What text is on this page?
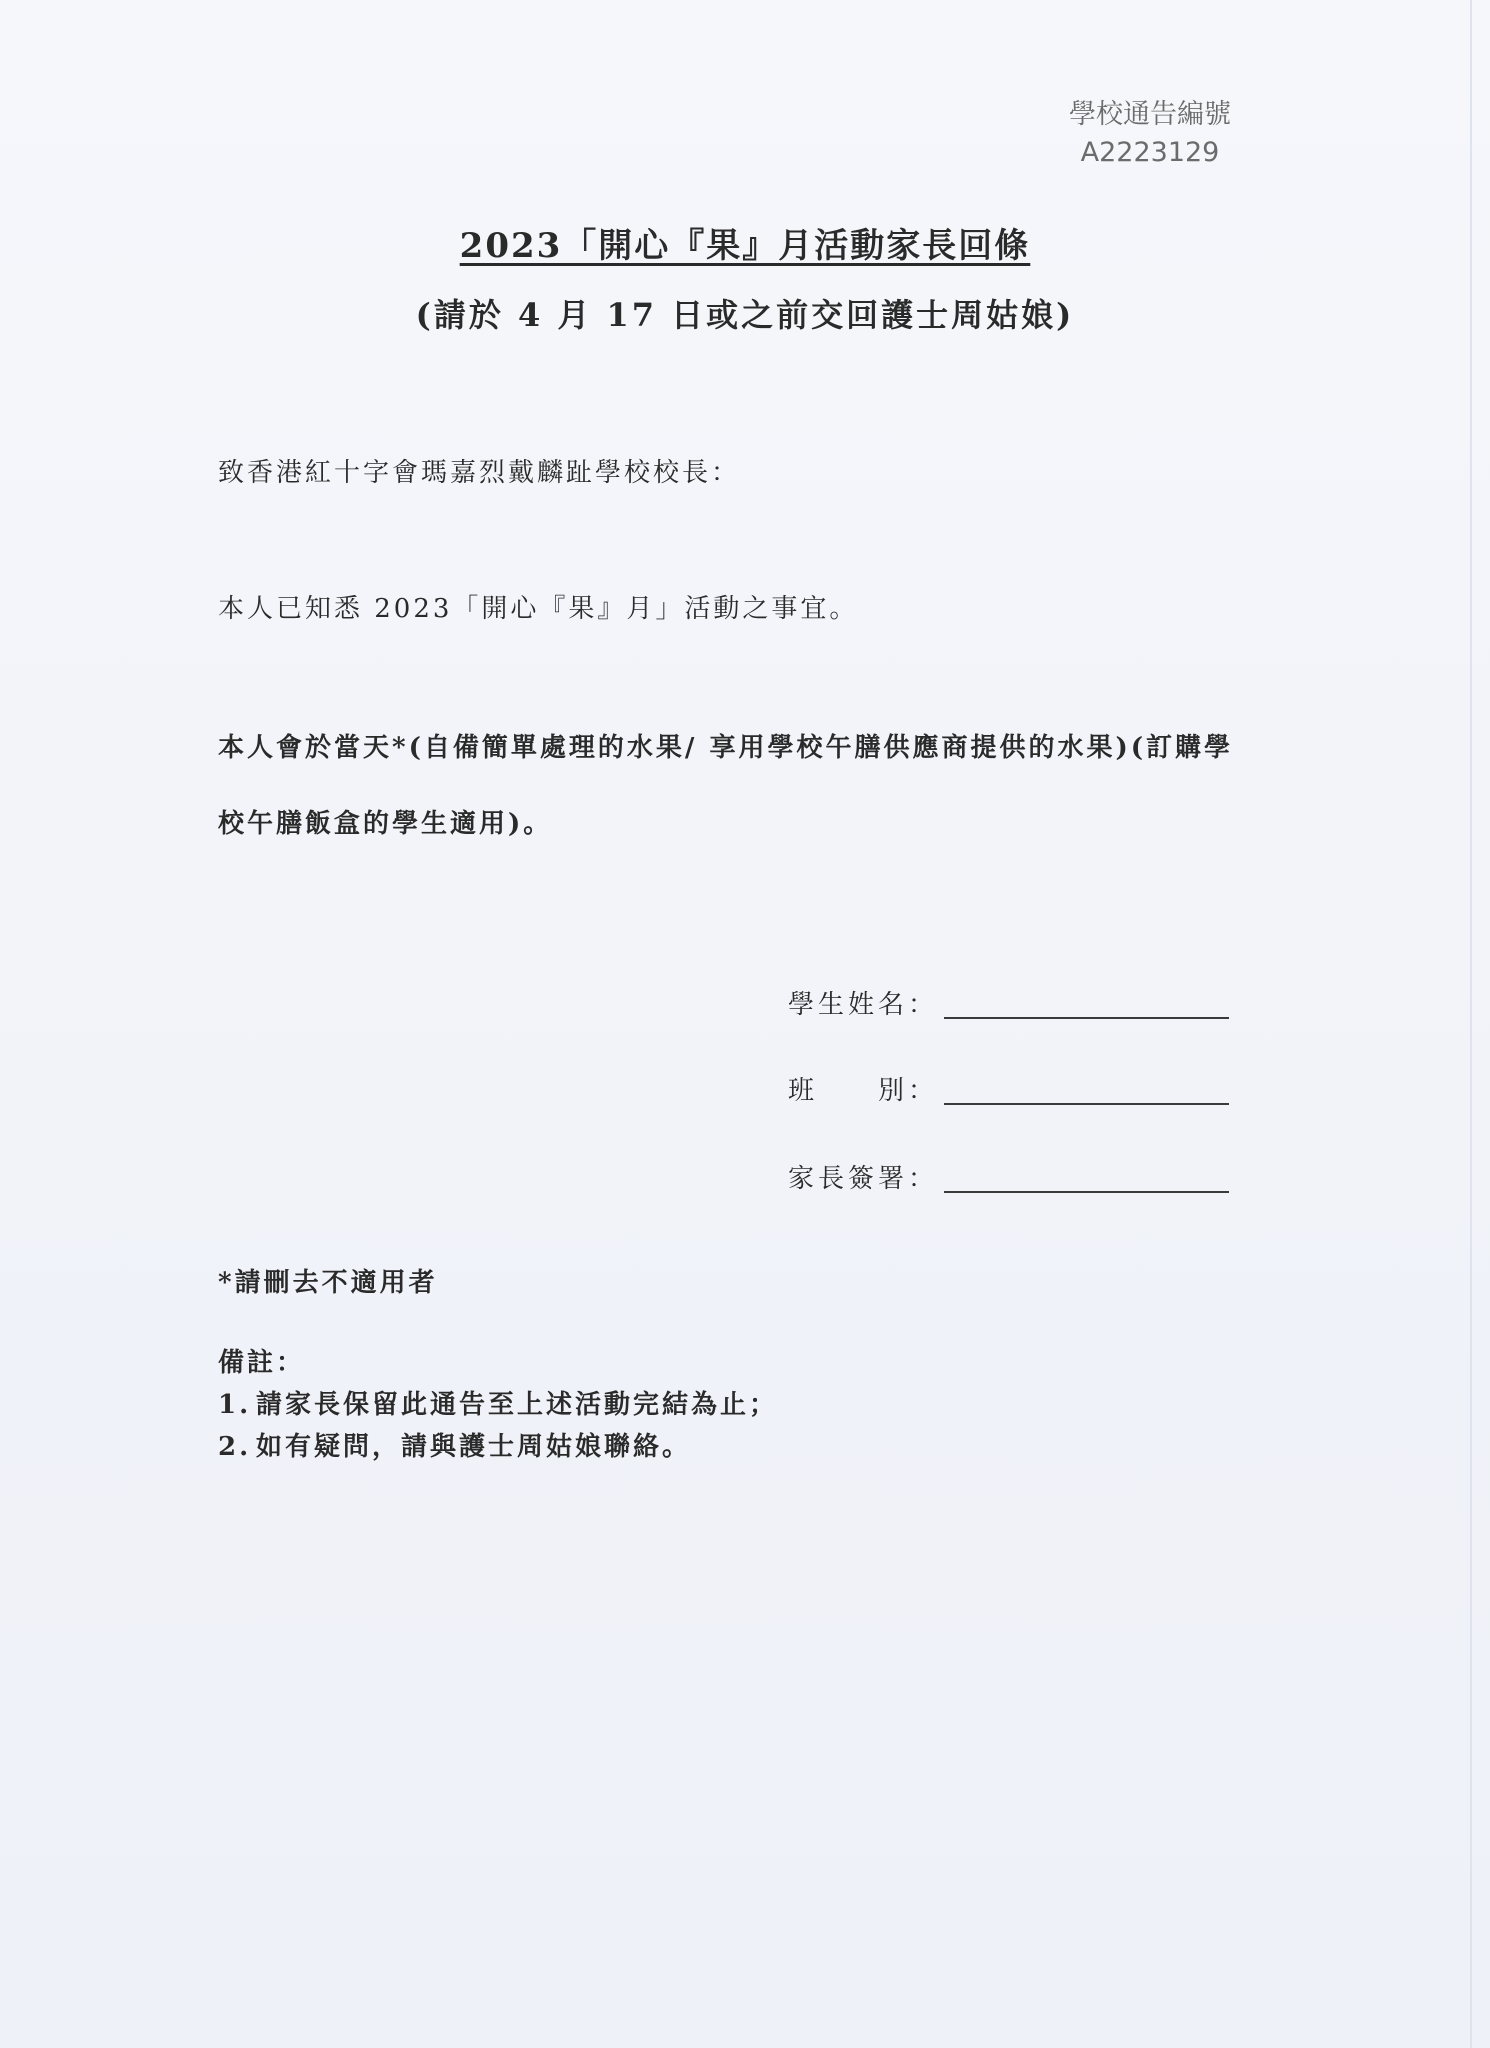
學校通告編號
A2223129
2023「開心『果』月活動家長回條
(請於 4 月 17 日或之前交回護士周姑娘)
致香港紅十字會瑪嘉烈戴麟趾學校校長：
本人已知悉 2023「開心『果』月」活動之事宜。
本人會於當天*(自備簡單處理的水果/ 享用學校午膳供應商提供的水果)(訂購學校午膳飯盒的學生適用)。
學生姓名：
班　　別：
家長簽署：
*請刪去不適用者
備註：
1. 請家長保留此通告至上述活動完結為止；
2. 如有疑問，請與護士周姑娘聯絡。
